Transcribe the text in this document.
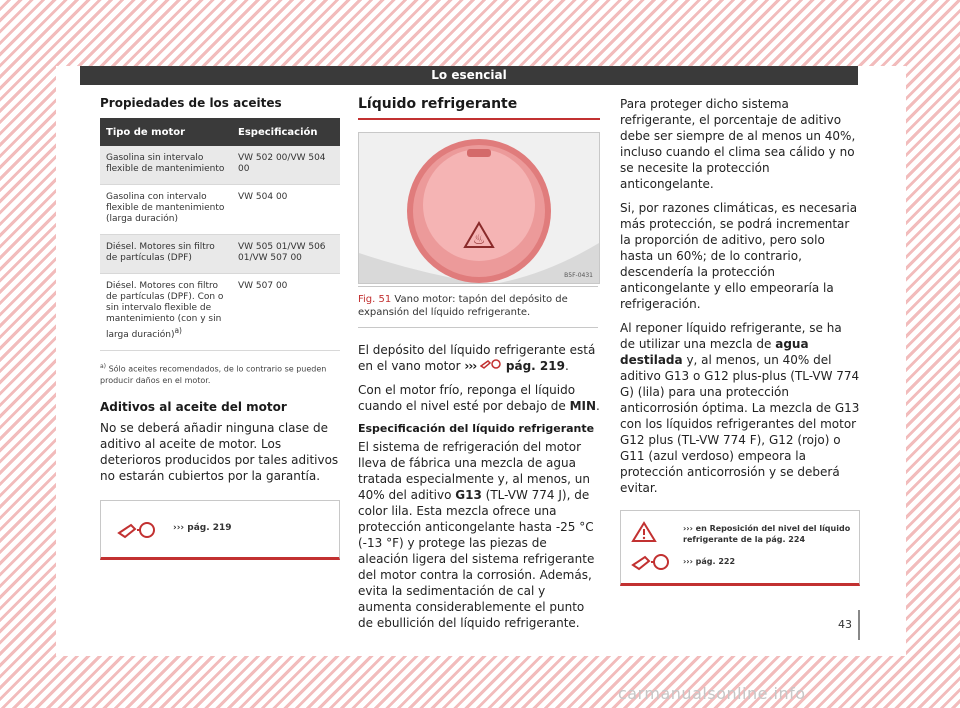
Lo esencial
Propiedades de los aceites
Tipo de motor	Especificación
Gasolina sin intervalo flexible de mantenimiento	VW 502 00/VW 504 00
Gasolina con intervalo flexible de mantenimiento (larga duración)	VW 504 00
Diésel. Motores sin filtro de partículas (DPF)	VW 505 01/VW 506 01/VW 507 00
Diésel. Motores con filtro de partículas (DPF). Con o sin intervalo flexible de mantenimiento (con y sin larga duración)$^{a)}$	VW 507 00
$^{a)}$ Sólo aceites recomendados, de lo contrario se pueden producir daños en el motor.
Aditivos al aceite del motor

No se deberá añadir ninguna clase de aditivo al aceite de motor. Los deterioros producidos por tales aditivos no estarán cubiertos por la garantía.

››› pág. 219
Líquido refrigerante
♨
B5F-0431
Fig. 51 Vano motor: tapón del depósito de expansión del líquido refrigerante.

El depósito del líquido refrigerante está en el vano motor ››› pág. 219.

Con el motor frío, reponga el líquido cuando el nivel esté por debajo de MIN.

Especificación del líquido refrigerante

El sistema de refrigeración del motor lleva de fábrica una mezcla de agua tratada especialmente y, al menos, un 40% del aditivo G13 (TL-VW 774 J), de color lila. Esta mezcla ofrece una protección anticongelante hasta -25 °C (-13 °F) y protege las piezas de aleación ligera del sistema refrigerante del motor contra la corrosión. Además, evita la sedimentación de cal y aumenta considerablemente el punto de ebullición del líquido refrigerante.

Para proteger dicho sistema refrigerante, el porcentaje de aditivo debe ser siempre de al menos un 40%, incluso cuando el clima sea cálido y no se necesite la protección anticongelante.

Si, por razones climáticas, es necesaria más protección, se podrá incrementar la proporción de aditivo, pero solo hasta un 60%; de lo contrario, descendería la protección anticongelante y ello empeoraría la refrigeración.

Al reponer líquido refrigerante, se ha de utilizar una mezcla de agua destilada y, al menos, un 40% del aditivo G13 o G12 plus-plus (TL-VW 774 G) (lila) para una protección anticorrosión óptima. La mezcla de G13 con los líquidos refrigerantes del motor G12 plus (TL-VW 774 F), G12 (rojo) o G11 (azul verdoso) empeora la protección anticorrosión y se deberá evitar.

››› en Reposición del nivel del líquido refrigerante de la pág. 224
››› pág. 222
43
carmanualsonline.info
